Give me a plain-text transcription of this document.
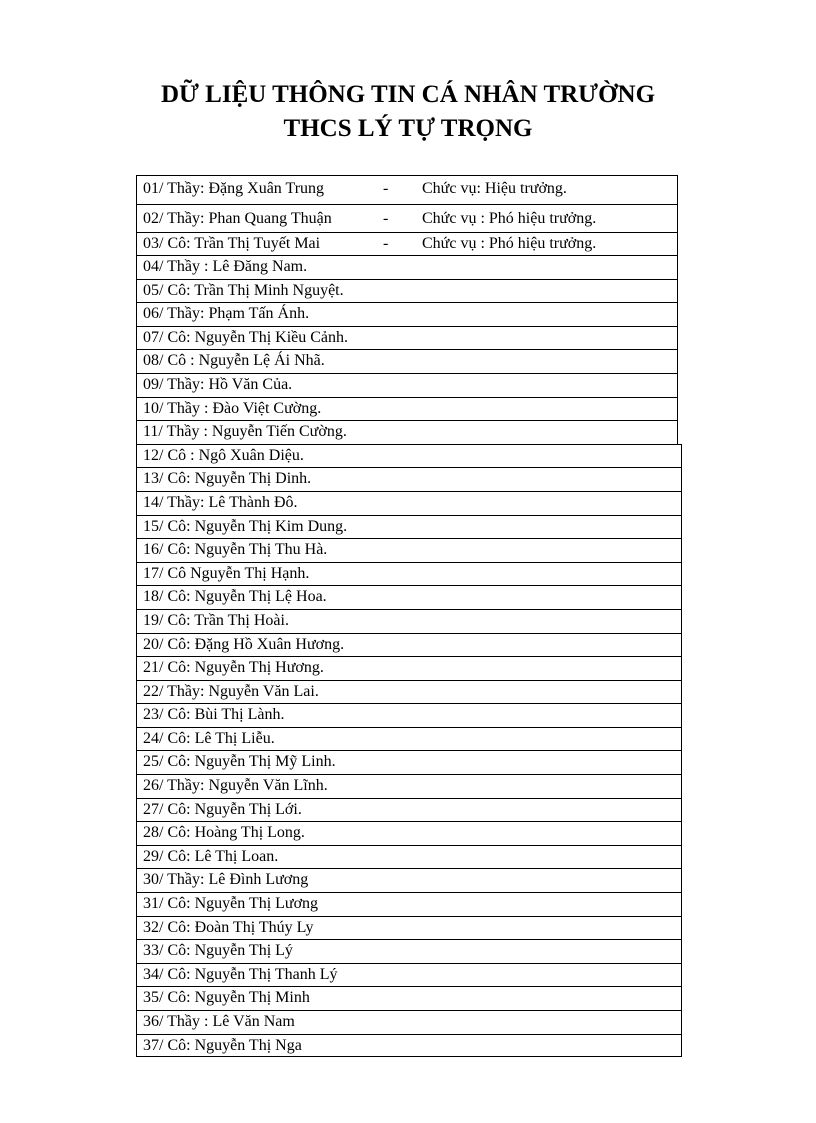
DỮ LIỆU THÔNG TIN CÁ NHÂN TRƯỜNG
THCS LÝ TỰ TRỌNG
01/ Thầy: Đặng Xuân Trung	- Chức vụ: Hiệu trưởng.
02/ Thầy: Phan Quang Thuận	- Chức vụ : Phó hiệu trưởng.
03/ Cô: Trần Thị Tuyết Mai	- Chức vụ : Phó hiệu trưởng.
04/ Thầy : Lê Đăng Nam.
05/ Cô: Trần Thị Minh Nguyệt.
06/ Thầy: Phạm Tấn Ánh.
07/ Cô: Nguyễn Thị Kiều Cảnh.
08/ Cô : Nguyễn Lệ Ái Nhã.
09/ Thầy: Hồ Văn Của.
10/ Thầy : Đào Việt Cường.
11/ Thầy : Nguyễn Tiến Cường.
12/ Cô : Ngô Xuân Diệu.
13/ Cô: Nguyễn Thị Dinh.
14/ Thầy: Lê Thành Đô.
15/ Cô: Nguyễn Thị Kim Dung.
16/ Cô: Nguyễn Thị Thu Hà.
17/ Cô Nguyễn Thị Hạnh.
18/ Cô: Nguyễn Thị Lệ Hoa.
19/ Cô: Trần Thị Hoài.
20/ Cô: Đặng Hồ Xuân Hương.
21/ Cô: Nguyễn Thị Hương.
22/ Thầy: Nguyễn Văn Lai.
23/ Cô: Bùi Thị Lành.
24/ Cô: Lê Thị Liễu.
25/ Cô: Nguyễn Thị Mỹ Linh.
26/ Thầy: Nguyễn Văn Lĩnh.
27/ Cô: Nguyễn Thị Lới.
28/ Cô: Hoàng Thị Long.
29/ Cô: Lê Thị Loan.
30/ Thầy: Lê Đình Lương
31/ Cô: Nguyễn Thị Lương
32/ Cô: Đoàn Thị Thúy Ly
33/ Cô: Nguyễn Thị Lý
34/ Cô: Nguyễn Thị Thanh Lý
35/ Cô: Nguyễn Thị Minh
36/ Thầy : Lê Văn Nam
37/ Cô: Nguyễn Thị Nga
